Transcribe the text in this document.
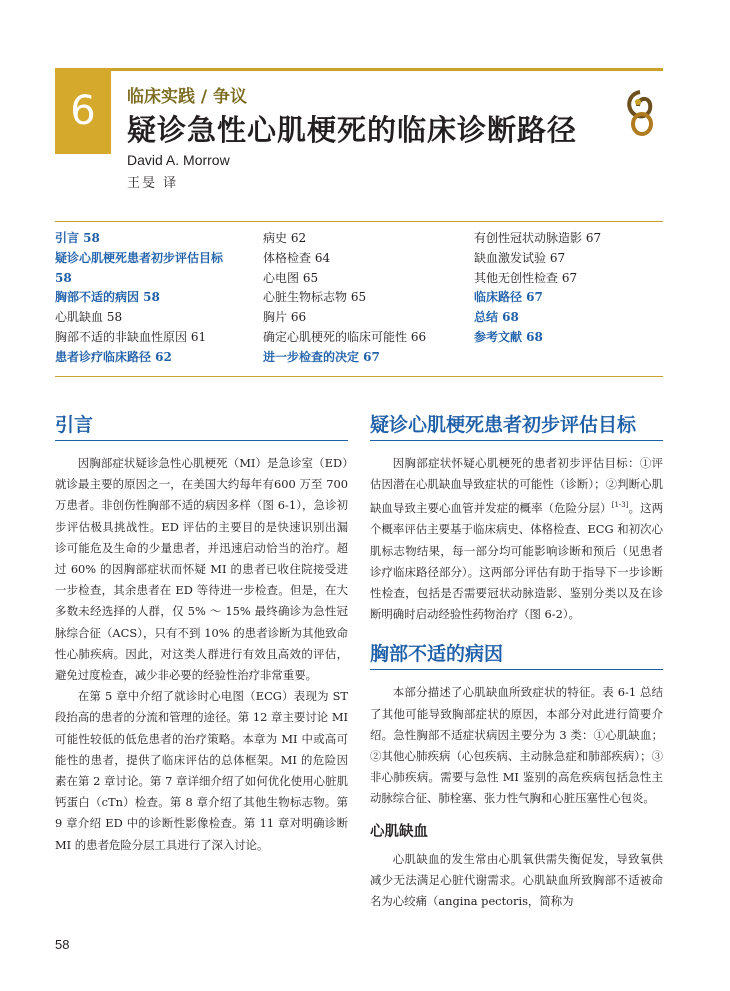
6 临床实践 / 争议
疑诊急性心肌梗死的临床诊断路径
David A. Morrow
王旻 译
引言 58
疑诊心肌梗死患者初步评估目标
58
胸部不适的病因 58
心肌缺血 58
胸部不适的非缺血性原因 61
患者诊疗临床路径 62
病史 62
体格检查 64
心电图 65
心脏生物标志物 65
胸片 66
确定心肌梗死的临床可能性 66
进一步检查的决定 67
有创性冠状动脉造影 67
缺血激发试验 67
其他无创性检查 67
临床路径 67
总结 68
参考文献 68
引言

因胸部症状疑诊急性心肌梗死（MI）是急诊室（ED）就诊最主要的原因之一，在美国大约每年有600 万至 700 万患者。非创伤性胸部不适的病因多样（图 6-1），急诊初步评估极具挑战性。ED 评估的主要目的是快速识别出漏诊可能危及生命的少量患者，并迅速启动恰当的治疗。超过 60% 的因胸部症状而怀疑 MI 的患者已收住院接受进一步检查，其余患者在 ED 等待进一步检查。但是，在大多数未经选择的人群，仅 5% ～ 15% 最终确诊为急性冠脉综合征（ACS），只有不到 10% 的患者诊断为其他致命性心肺疾病。因此，对这类人群进行有效且高效的评估，避免过度检查，减少非必要的经验性治疗非常重要。

在第 5 章中介绍了就诊时心电图（ECG）表现为 ST 段抬高的患者的分流和管理的途径。第 12 章主要讨论 MI 可能性较低的低危患者的治疗策略。本章为 MI 中或高可能性的患者，提供了临床评估的总体框架。MI 的危险因素在第 2 章讨论。第 7 章详细介绍了如何优化使用心脏肌钙蛋白（cTn）检查。第 8 章介绍了其他生物标志物。第 9 章介绍 ED 中的诊断性影像检查。第 11 章对明确诊断 MI 的患者危险分层工具进行了深入讨论。

疑诊心肌梗死患者初步评估目标

因胸部症状怀疑心肌梗死的患者初步评估目标：①评估因潜在心肌缺血导致症状的可能性（诊断）；②判断心肌缺血导致主要心血管并发症的概率（危险分层）[1-3]。这两个概率评估主要基于临床病史、体格检查、ECG 和初次心肌标志物结果，每一部分均可能影响诊断和预后（见患者诊疗临床路径部分）。这两部分评估有助于指导下一步诊断性检查，包括是否需要冠状动脉造影、鉴别分类以及在诊断明确时启动经验性药物治疗（图 6-2）。

胸部不适的病因

本部分描述了心肌缺血所致症状的特征。表 6-1 总结了其他可能导致胸部症状的原因，本部分对此进行简要介绍。急性胸部不适症状病因主要分为 3 类：①心肌缺血；②其他心肺疾病（心包疾病、主动脉急症和肺部疾病）；③非心肺疾病。需要与急性 MI 鉴别的高危疾病包括急性主动脉综合征、肺栓塞、张力性气胸和心脏压塞性心包炎。

心肌缺血

心肌缺血的发生常由心肌氧供需失衡促发，导致氧供减少无法满足心脏代谢需求。心肌缺血所致胸部不适被命名为心绞痛（angina pectoris，简称为

58
